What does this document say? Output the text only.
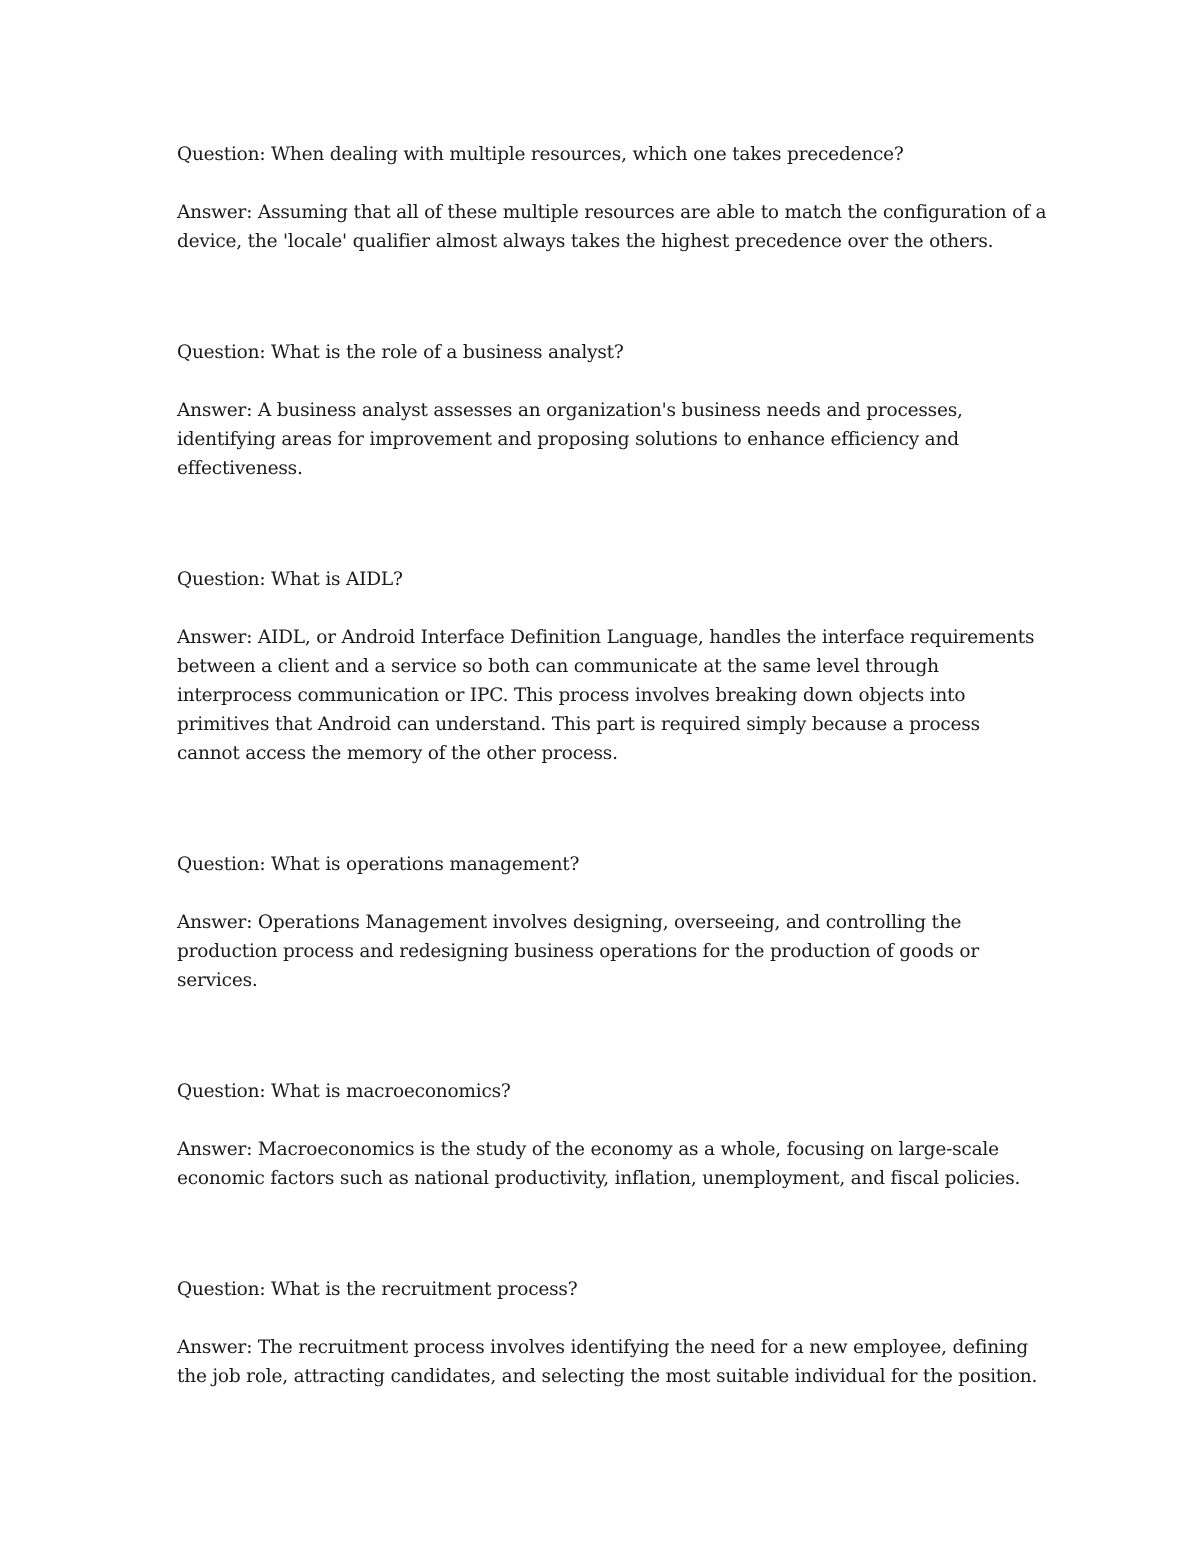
Question: When dealing with multiple resources, which one takes precedence?

Answer: Assuming that all of these multiple resources are able to match the configuration of a device, the 'locale' qualifier almost always takes the highest precedence over the others.

Question: What is the role of a business analyst?

Answer: A business analyst assesses an organization's business needs and processes, identifying areas for improvement and proposing solutions to enhance efficiency and effectiveness.

Question: What is AIDL?

Answer: AIDL, or Android Interface Definition Language, handles the interface requirements between a client and a service so both can communicate at the same level through interprocess communication or IPC. This process involves breaking down objects into primitives that Android can understand. This part is required simply because a process cannot access the memory of the other process.

Question: What is operations management?

Answer: Operations Management involves designing, overseeing, and controlling the production process and redesigning business operations for the production of goods or services.

Question: What is macroeconomics?

Answer: Macroeconomics is the study of the economy as a whole, focusing on large-scale economic factors such as national productivity, inflation, unemployment, and fiscal policies.

Question: What is the recruitment process?

Answer: The recruitment process involves identifying the need for a new employee, defining the job role, attracting candidates, and selecting the most suitable individual for the position.
